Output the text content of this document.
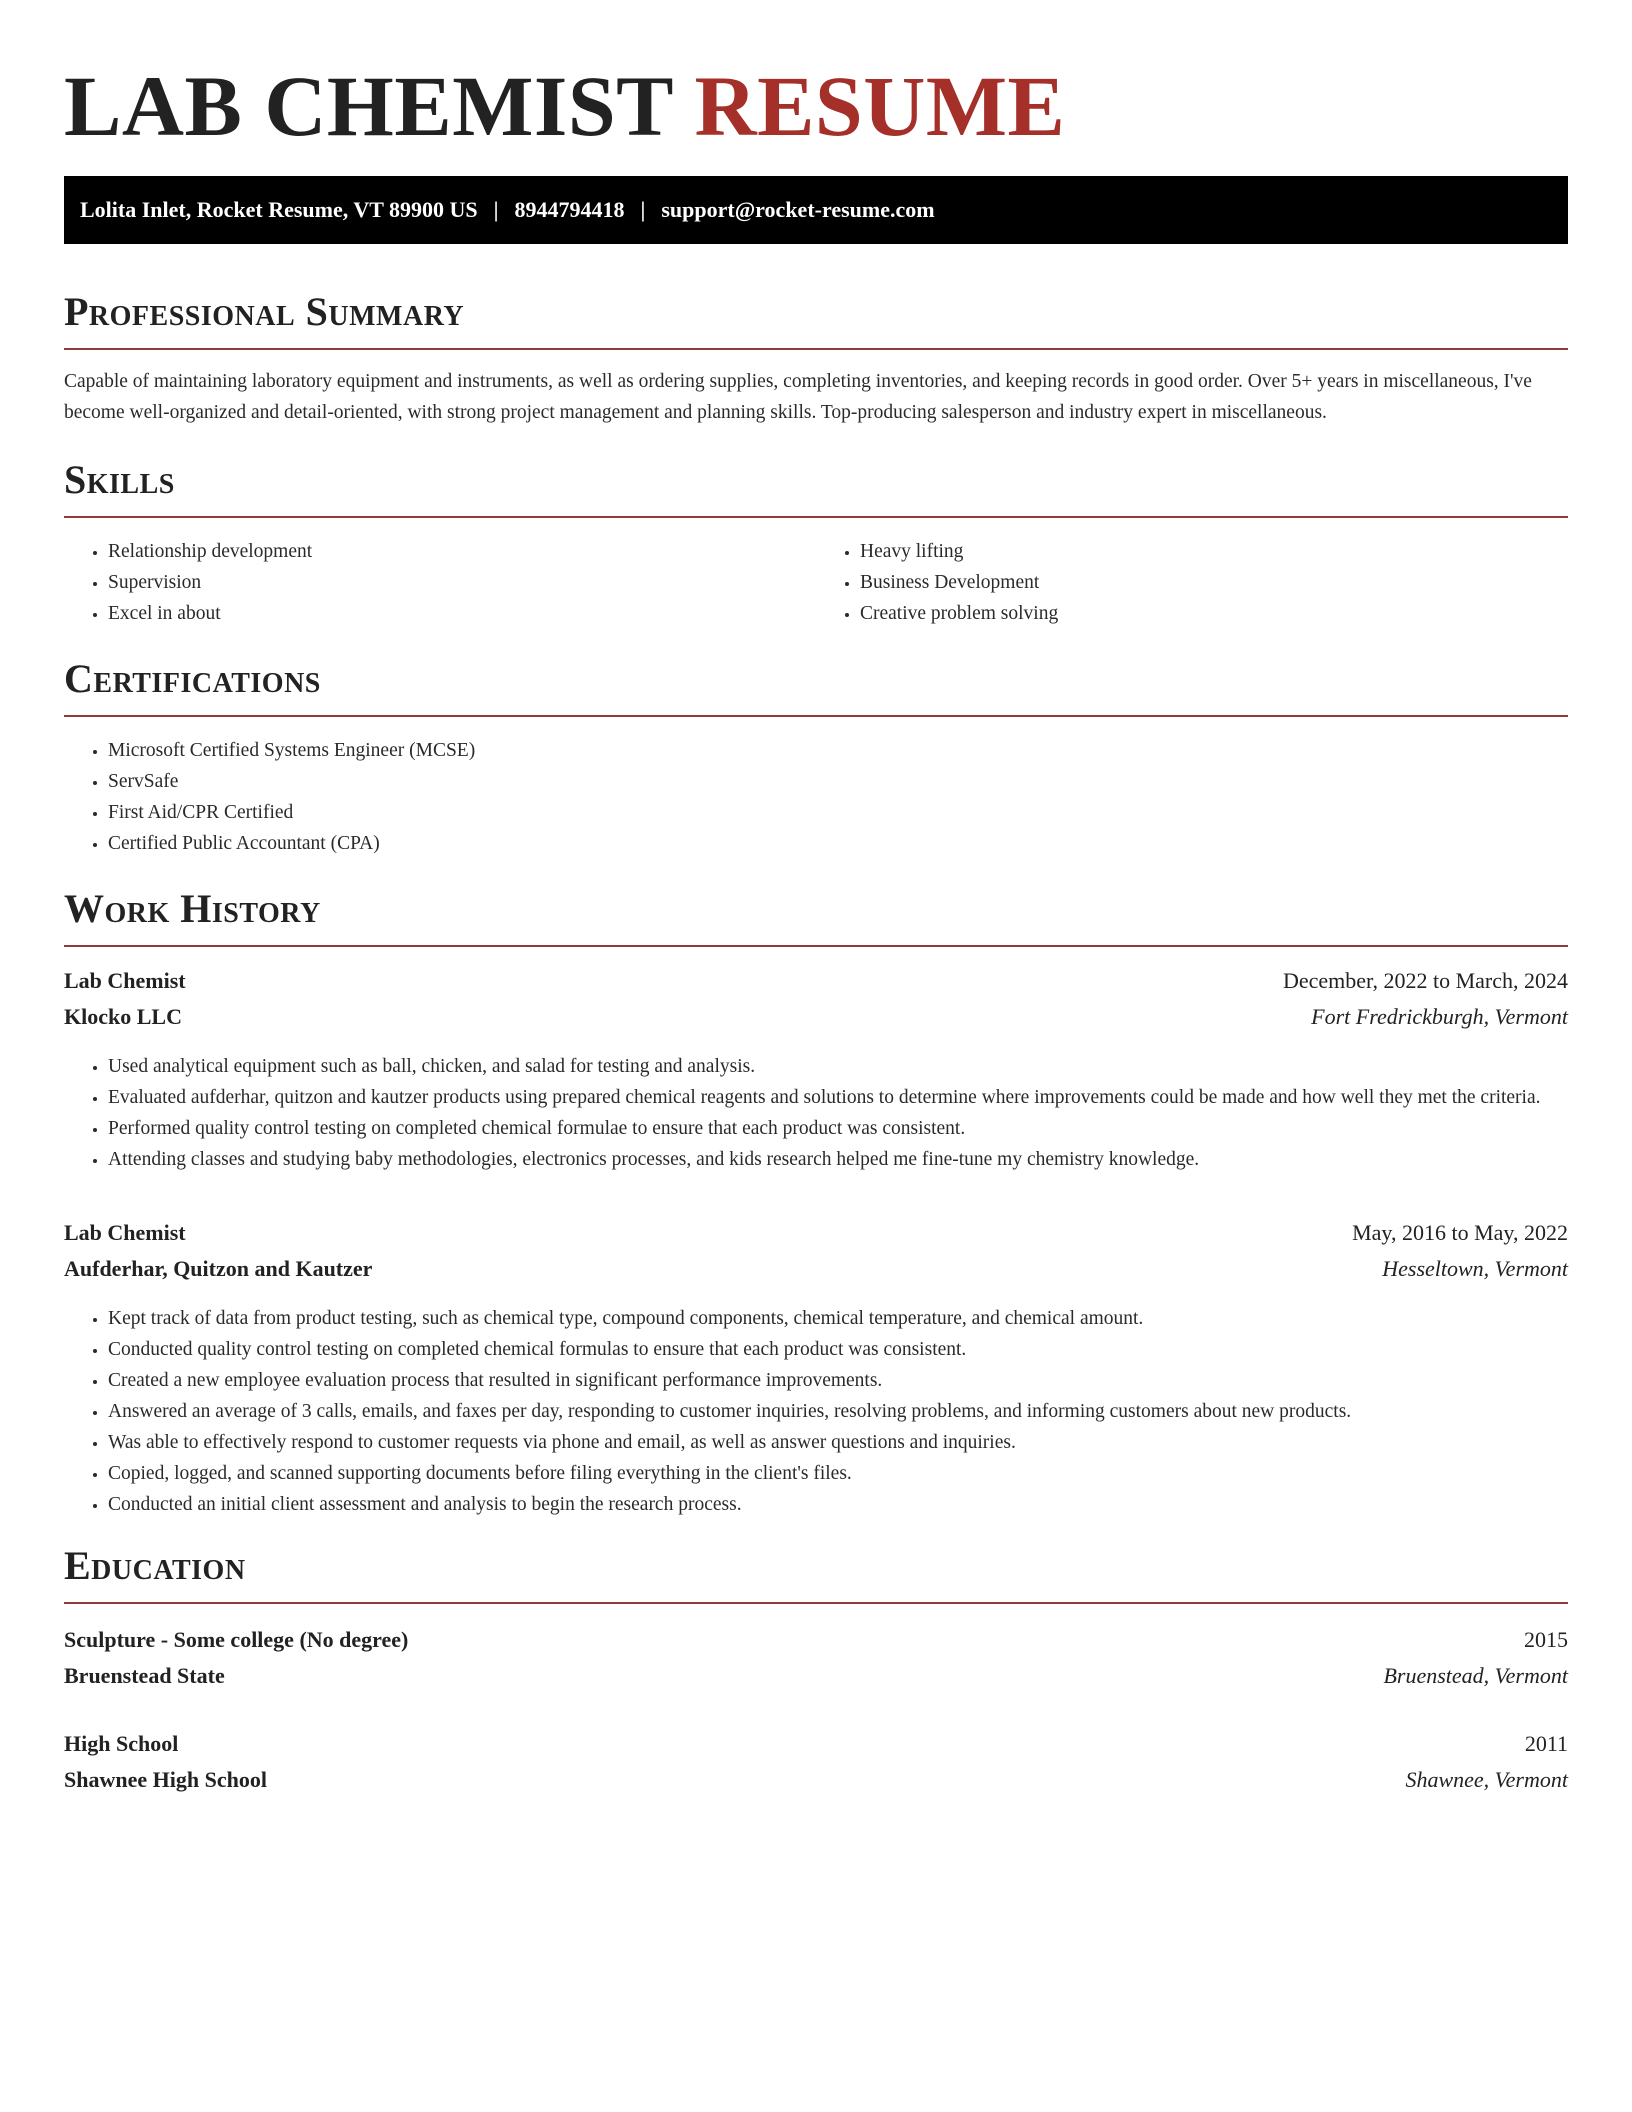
LAB CHEMIST RESUME
Lolita Inlet, Rocket Resume, VT 89900 US | 8944794418 | support@rocket-resume.com
Professional Summary

Capable of maintaining laboratory equipment and instruments, as well as ordering supplies, completing inventories, and keeping records in good order. Over 5+ years in miscellaneous, I've become well-organized and detail-oriented, with strong project management and planning skills. Top-producing salesperson and industry expert in miscellaneous.

Skills
• Relationship development
• Supervision
• Excel in about
• Heavy lifting
• Business Development
• Creative problem solving
Certifications
• Microsoft Certified Systems Engineer (MCSE)
• ServSafe
• First Aid/CPR Certified
• Certified Public Accountant (CPA)
Work History
Lab Chemist	December, 2022 to March, 2024
Klocko LLC	Fort Fredrickburgh, Vermont
• Used analytical equipment such as ball, chicken, and salad for testing and analysis.
• Evaluated aufderhar, quitzon and kautzer products using prepared chemical reagents and solutions to determine where improvements could be made and how well they met the criteria.
• Performed quality control testing on completed chemical formulae to ensure that each product was consistent.
• Attending classes and studying baby methodologies, electronics processes, and kids research helped me fine-tune my chemistry knowledge.
Lab Chemist	May, 2016 to May, 2022
Aufderhar, Quitzon and Kautzer	Hesseltown, Vermont
• Kept track of data from product testing, such as chemical type, compound components, chemical temperature, and chemical amount.
• Conducted quality control testing on completed chemical formulas to ensure that each product was consistent.
• Created a new employee evaluation process that resulted in significant performance improvements.
• Answered an average of 3 calls, emails, and faxes per day, responding to customer inquiries, resolving problems, and informing customers about new products.
• Was able to effectively respond to customer requests via phone and email, as well as answer questions and inquiries.
• Copied, logged, and scanned supporting documents before filing everything in the client's files.
• Conducted an initial client assessment and analysis to begin the research process.
Education
Sculpture - Some college (No degree)	2015
Bruenstead State	Bruenstead, Vermont
High School	2011
Shawnee High School	Shawnee, Vermont
